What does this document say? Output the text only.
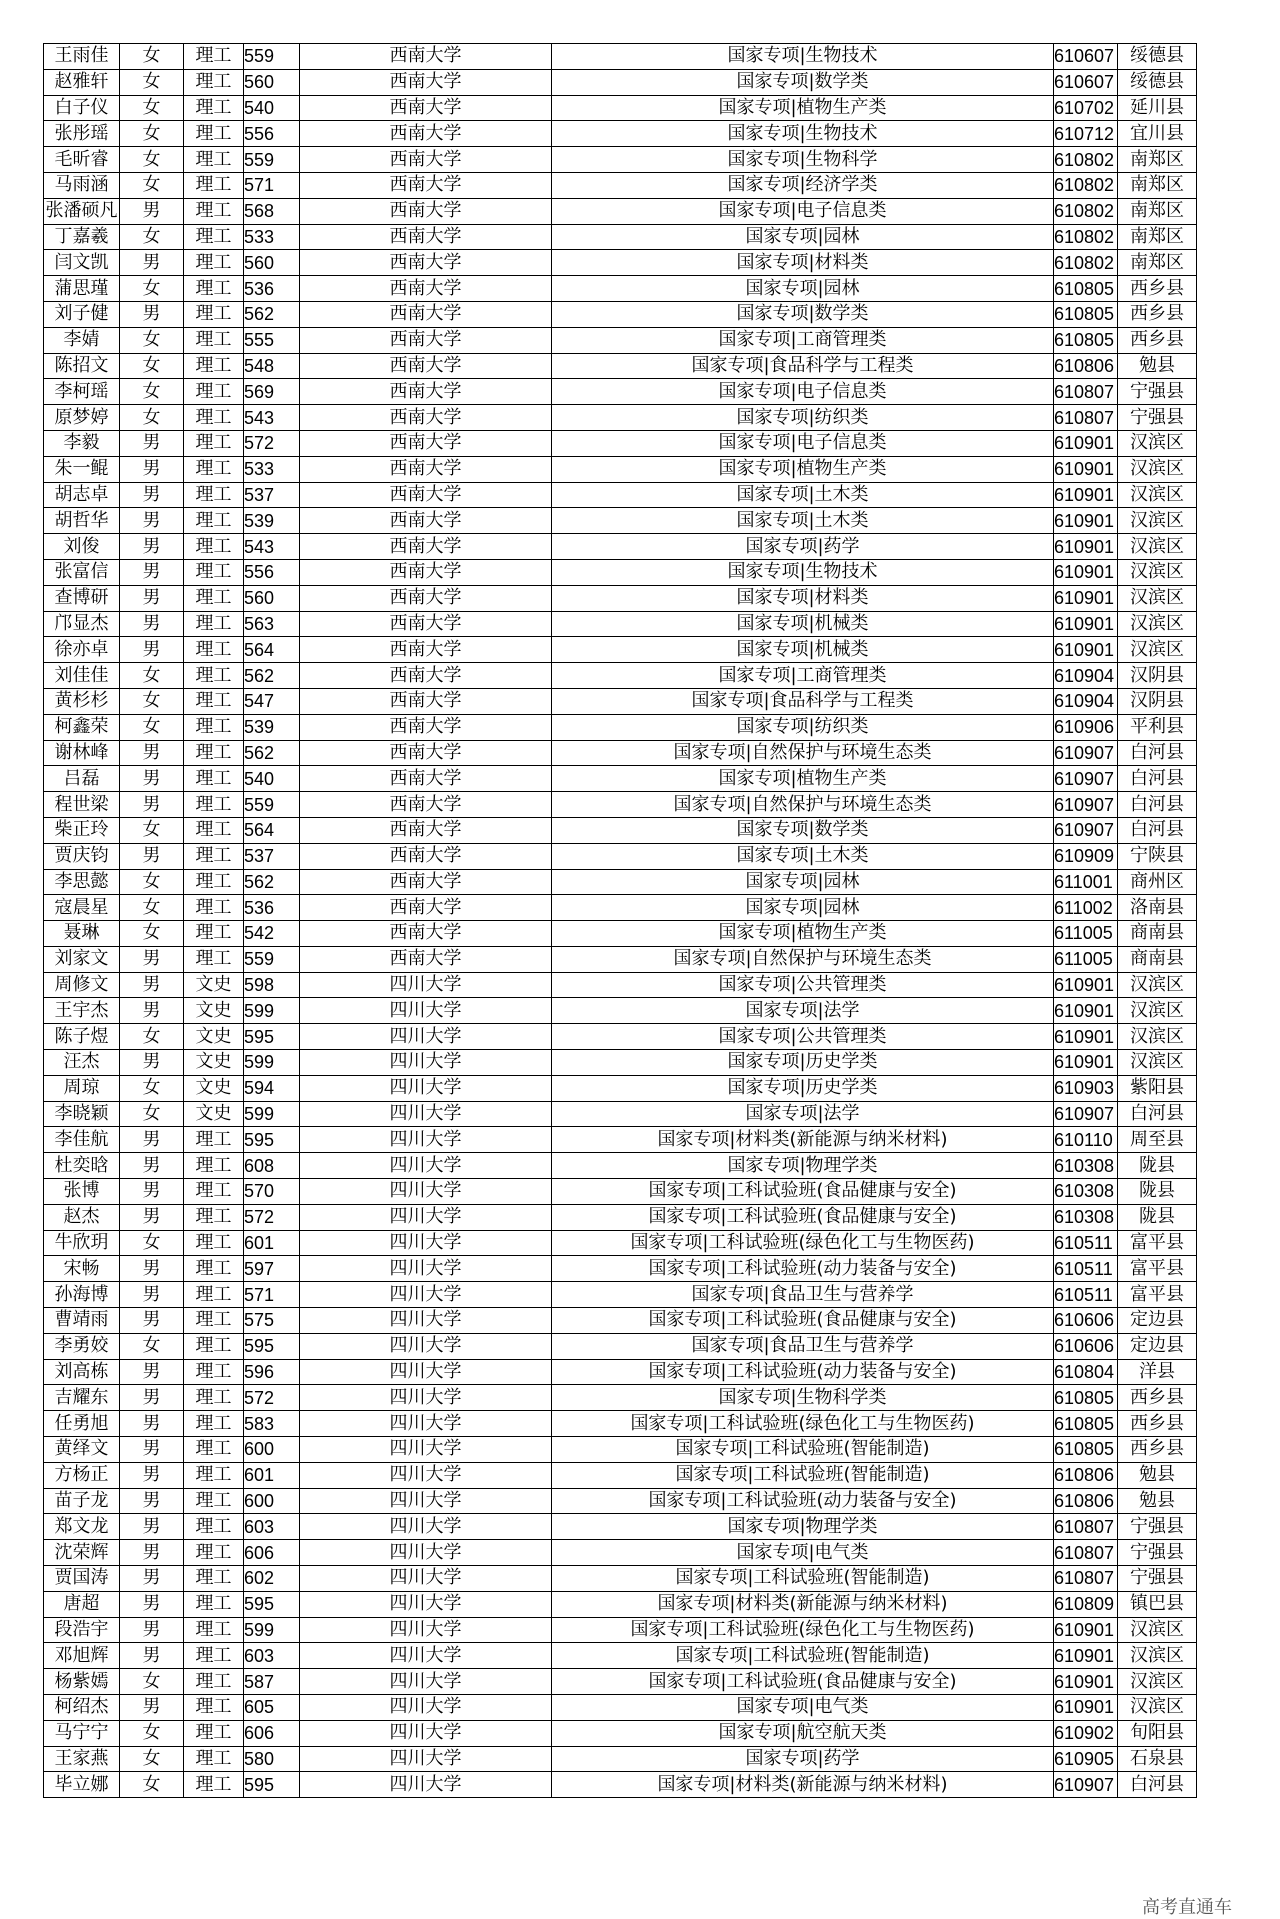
王雨佳	女	理工	559	西南大学	国家专项|生物技术	610607	绥德县
赵雅轩	女	理工	560	西南大学	国家专项|数学类	610607	绥德县
白子仪	女	理工	540	西南大学	国家专项|植物生产类	610702	延川县
张彤瑶	女	理工	556	西南大学	国家专项|生物技术	610712	宜川县
毛昕睿	女	理工	559	西南大学	国家专项|生物科学	610802	南郑区
马雨涵	女	理工	571	西南大学	国家专项|经济学类	610802	南郑区
张潘硕凡	男	理工	568	西南大学	国家专项|电子信息类	610802	南郑区
丁嘉羲	女	理工	533	西南大学	国家专项|园林	610802	南郑区
闫文凯	男	理工	560	西南大学	国家专项|材料类	610802	南郑区
蒲思瑾	女	理工	536	西南大学	国家专项|园林	610805	西乡县
刘子健	男	理工	562	西南大学	国家专项|数学类	610805	西乡县
李婧	女	理工	555	西南大学	国家专项|工商管理类	610805	西乡县
陈招文	女	理工	548	西南大学	国家专项|食品科学与工程类	610806	勉县
李柯瑶	女	理工	569	西南大学	国家专项|电子信息类	610807	宁强县
原梦婷	女	理工	543	西南大学	国家专项|纺织类	610807	宁强县
李毅	男	理工	572	西南大学	国家专项|电子信息类	610901	汉滨区
朱一鲲	男	理工	533	西南大学	国家专项|植物生产类	610901	汉滨区
胡志卓	男	理工	537	西南大学	国家专项|土木类	610901	汉滨区
胡哲华	男	理工	539	西南大学	国家专项|土木类	610901	汉滨区
刘俊	男	理工	543	西南大学	国家专项|药学	610901	汉滨区
张富信	男	理工	556	西南大学	国家专项|生物技术	610901	汉滨区
查博研	男	理工	560	西南大学	国家专项|材料类	610901	汉滨区
邝显杰	男	理工	563	西南大学	国家专项|机械类	610901	汉滨区
徐亦卓	男	理工	564	西南大学	国家专项|机械类	610901	汉滨区
刘佳佳	女	理工	562	西南大学	国家专项|工商管理类	610904	汉阴县
黄杉杉	女	理工	547	西南大学	国家专项|食品科学与工程类	610904	汉阴县
柯鑫荣	女	理工	539	西南大学	国家专项|纺织类	610906	平利县
谢林峰	男	理工	562	西南大学	国家专项|自然保护与环境生态类	610907	白河县
吕磊	男	理工	540	西南大学	国家专项|植物生产类	610907	白河县
程世梁	男	理工	559	西南大学	国家专项|自然保护与环境生态类	610907	白河县
柴正玲	女	理工	564	西南大学	国家专项|数学类	610907	白河县
贾庆钧	男	理工	537	西南大学	国家专项|土木类	610909	宁陕县
李思懿	女	理工	562	西南大学	国家专项|园林	611001	商州区
寇晨星	女	理工	536	西南大学	国家专项|园林	611002	洛南县
聂琳	女	理工	542	西南大学	国家专项|植物生产类	611005	商南县
刘家文	男	理工	559	西南大学	国家专项|自然保护与环境生态类	611005	商南县
周修文	男	文史	598	四川大学	国家专项|公共管理类	610901	汉滨区
王宇杰	男	文史	599	四川大学	国家专项|法学	610901	汉滨区
陈子煜	女	文史	595	四川大学	国家专项|公共管理类	610901	汉滨区
汪杰	男	文史	599	四川大学	国家专项|历史学类	610901	汉滨区
周琼	女	文史	594	四川大学	国家专项|历史学类	610903	紫阳县
李晓颖	女	文史	599	四川大学	国家专项|法学	610907	白河县
李佳航	男	理工	595	四川大学	国家专项|材料类(新能源与纳米材料)	610110	周至县
杜奕晗	男	理工	608	四川大学	国家专项|物理学类	610308	陇县
张博	男	理工	570	四川大学	国家专项|工科试验班(食品健康与安全)	610308	陇县
赵杰	男	理工	572	四川大学	国家专项|工科试验班(食品健康与安全)	610308	陇县
牛欣玥	女	理工	601	四川大学	国家专项|工科试验班(绿色化工与生物医药)	610511	富平县
宋畅	男	理工	597	四川大学	国家专项|工科试验班(动力装备与安全)	610511	富平县
孙海博	男	理工	571	四川大学	国家专项|食品卫生与营养学	610511	富平县
曹靖雨	男	理工	575	四川大学	国家专项|工科试验班(食品健康与安全)	610606	定边县
李勇姣	女	理工	595	四川大学	国家专项|食品卫生与营养学	610606	定边县
刘高栋	男	理工	596	四川大学	国家专项|工科试验班(动力装备与安全)	610804	洋县
吉耀东	男	理工	572	四川大学	国家专项|生物科学类	610805	西乡县
任勇旭	男	理工	583	四川大学	国家专项|工科试验班(绿色化工与生物医药)	610805	西乡县
黄绎文	男	理工	600	四川大学	国家专项|工科试验班(智能制造)	610805	西乡县
方杨正	男	理工	601	四川大学	国家专项|工科试验班(智能制造)	610806	勉县
苗子龙	男	理工	600	四川大学	国家专项|工科试验班(动力装备与安全)	610806	勉县
郑文龙	男	理工	603	四川大学	国家专项|物理学类	610807	宁强县
沈荣辉	男	理工	606	四川大学	国家专项|电气类	610807	宁强县
贾国涛	男	理工	602	四川大学	国家专项|工科试验班(智能制造)	610807	宁强县
唐超	男	理工	595	四川大学	国家专项|材料类(新能源与纳米材料)	610809	镇巴县
段浩宇	男	理工	599	四川大学	国家专项|工科试验班(绿色化工与生物医药)	610901	汉滨区
邓旭辉	男	理工	603	四川大学	国家专项|工科试验班(智能制造)	610901	汉滨区
杨紫嫣	女	理工	587	四川大学	国家专项|工科试验班(食品健康与安全)	610901	汉滨区
柯绍杰	男	理工	605	四川大学	国家专项|电气类	610901	汉滨区
马宁宁	女	理工	606	四川大学	国家专项|航空航天类	610902	旬阳县
王家燕	女	理工	580	四川大学	国家专项|药学	610905	石泉县
毕立娜	女	理工	595	四川大学	国家专项|材料类(新能源与纳米材料)	610907	白河县
高考直通车
